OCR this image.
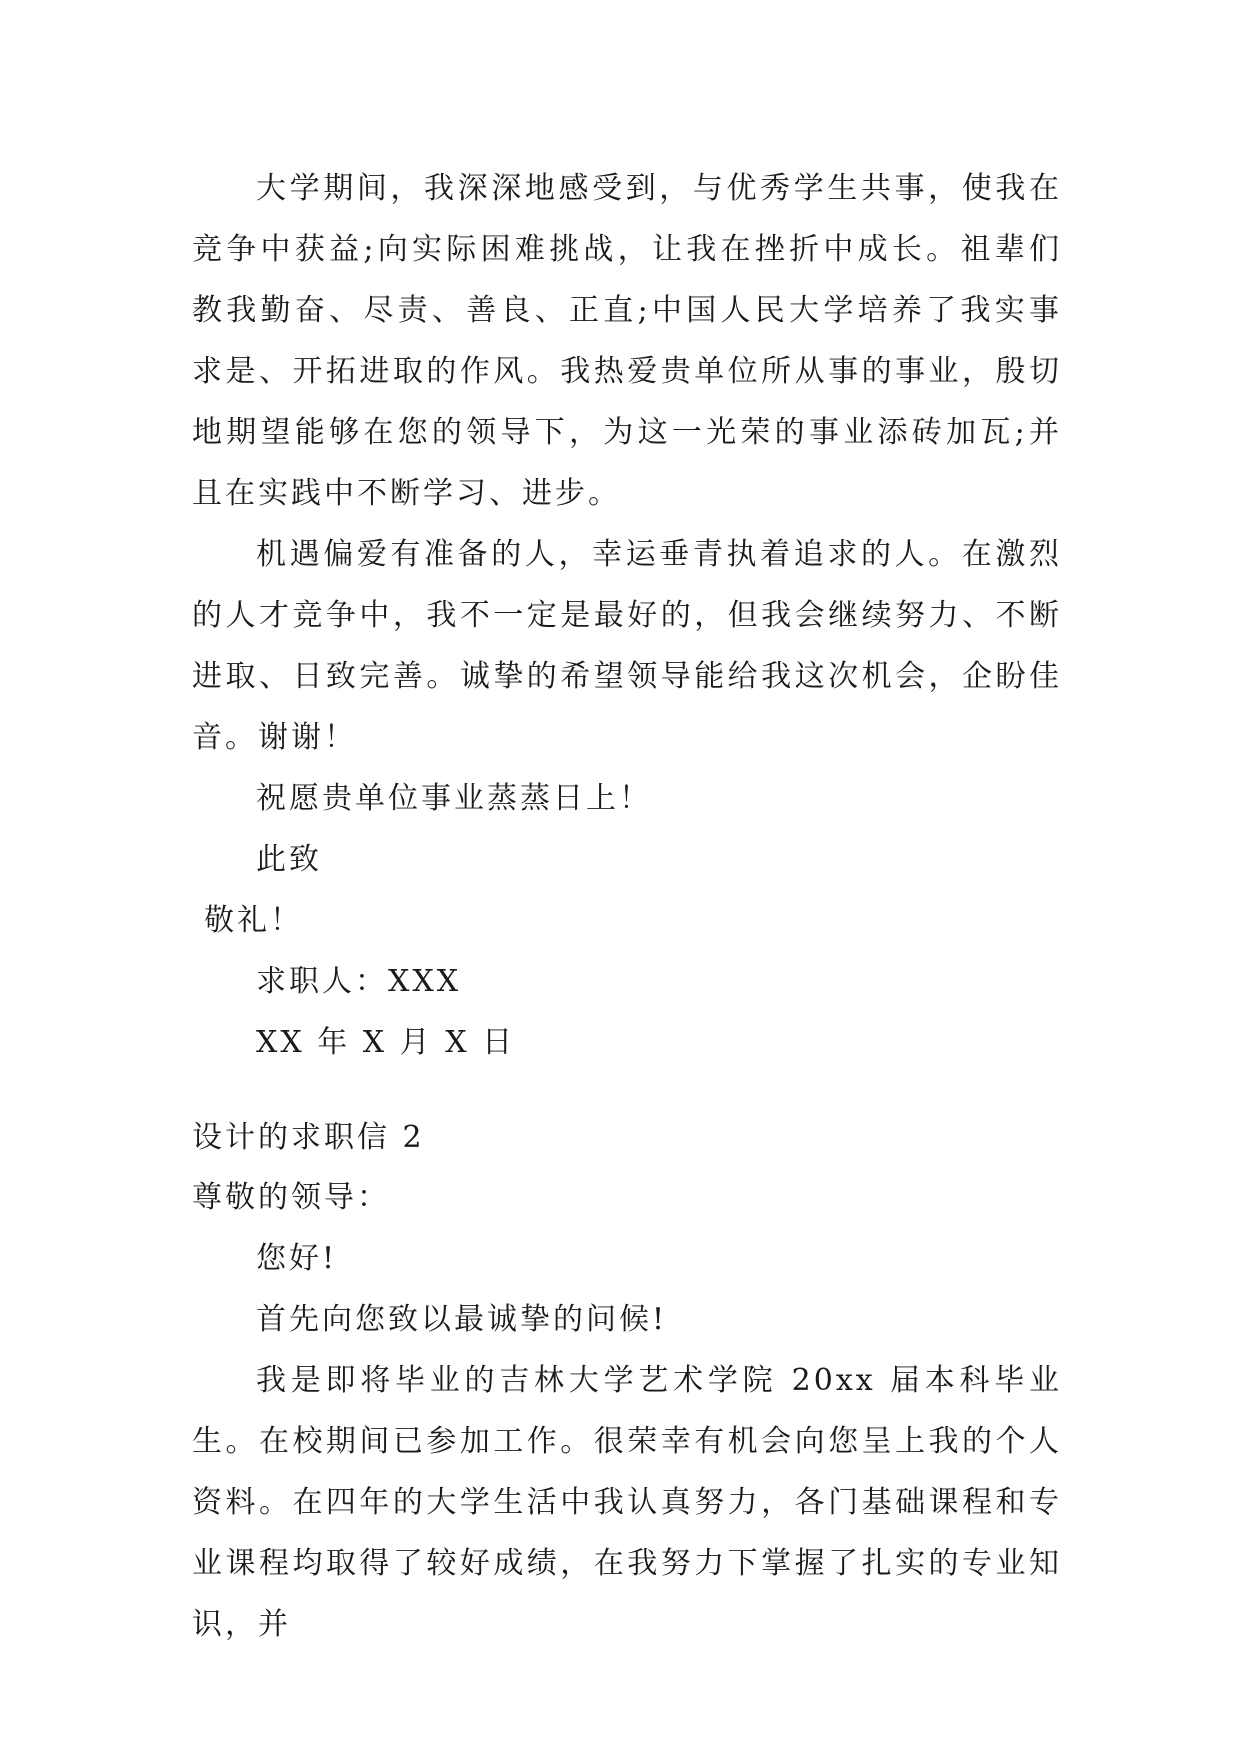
大学期间，我深深地感受到，与优秀学生共事，使我在竞争中获益;向实际困难挑战，让我在挫折中成长。祖辈们教我勤奋、尽责、善良、正直;中国人民大学培养了我实事求是、开拓进取的作风。我热爱贵单位所从事的事业，殷切地期望能够在您的领导下，为这一光荣的事业添砖加瓦;并且在实践中不断学习、进步。

机遇偏爱有准备的人，幸运垂青执着追求的人。在激烈的人才竞争中，我不一定是最好的，但我会继续努力、不断进取、日致完善。诚挚的希望领导能给我这次机会，企盼佳音。谢谢！

祝愿贵单位事业蒸蒸日上！
此致
敬礼！
求职人：XXX
XX 年 X 月 X 日
设计的求职信 2
尊敬的领导：
您好!
首先向您致以最诚挚的问候!

我是即将毕业的吉林大学艺术学院 20xx 届本科毕业生。在校期间已参加工作。很荣幸有机会向您呈上我的个人资料。在四年的大学生活中我认真努力，各门基础课程和专业课程均取得了较好成绩，在我努力下掌握了扎实的专业知识，并
